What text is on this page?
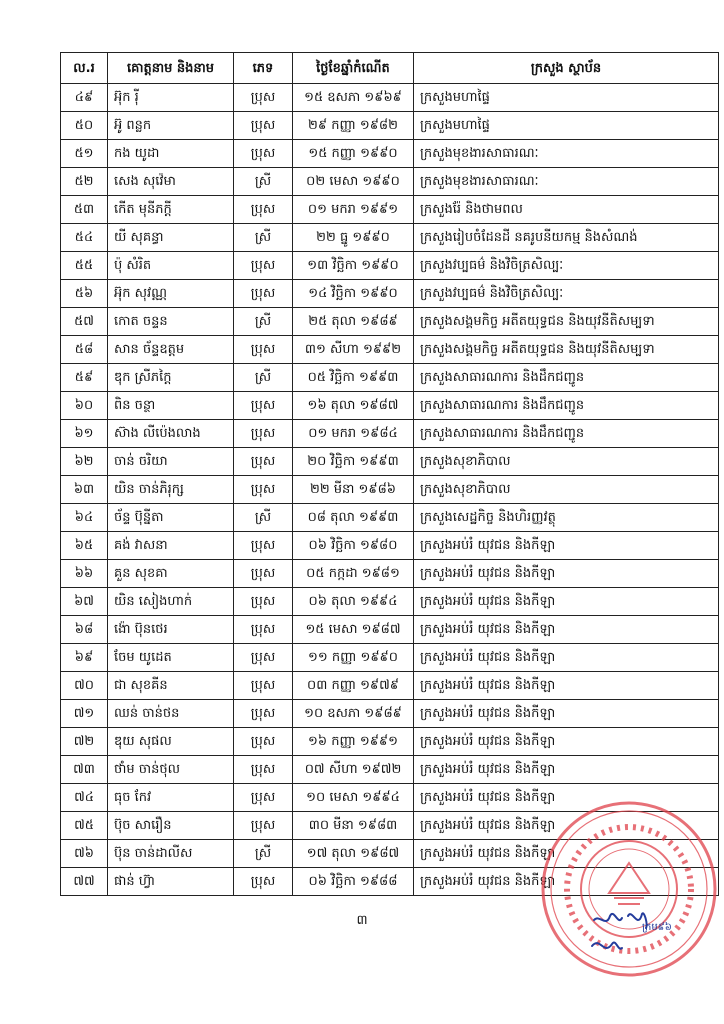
ល.រ	គោត្តនាម និងនាម	ភេទ	ថ្ងៃខែឆ្នាំកំណើត	ក្រសួង ស្ថាប័ន
៤៩	អ៊ុក រ៉ី	ប្រុស	១៥ ឧសភា ១៩៦៩	ក្រសួងមហាផ្ទៃ
៥០	អ៊ូ ពន្លក	ប្រុស	២៩ កញ្ញា ១៩៨២	ក្រសួងមហាផ្ទៃ
៥១	កង យូដា	ប្រុស	១៥ កញ្ញា ១៩៩០	ក្រសួងមុខងារសាធារណៈ
៥២	សេង សុវ៉េមា	ស្រី	០២ មេសា ១៩៩០	ក្រសួងមុខងារសាធារណៈ
៥៣	កើត មុនីភក្តី	ប្រុស	០១ មករា ១៩៩១	ក្រសួងរ៉ែ និងថាមពល
៥៤	យី សុគន្ធា	ស្រី	២២ ធ្នូ ១៩៩០	ក្រសួងរៀបចំដែនដី នគរូបនីយកម្ម និងសំណង់
៥៥	ប៉ុ សំរិត	ប្រុស	១៣ វិច្ឆិកា ១៩៩០	ក្រសួងវប្បធម៌ និងវិចិត្រសិល្បៈ
៥៦	អ៊ុក សុវណ្ណ	ប្រុស	១៤ វិច្ឆិកា ១៩៩០	ក្រសួងវប្បធម៌ និងវិចិត្រសិល្បៈ
៥៧	កោត ចន្ទន	ស្រី	២៥ តុលា ១៩៨៩	ក្រសួងសង្គមកិច្ច អតីតយុទ្ធជន និងយុវនីតិសម្បទា
៥៨	សាន ច័ន្ទឧត្តម	ប្រុស	៣១ សីហា ១៩៩២	ក្រសួងសង្គមកិច្ច អតីតយុទ្ធជន និងយុវនីតិសម្បទា
៥៩	ឌុក ស្រីភក្តៃ	ស្រី	០៥ វិច្ឆិកា ១៩៩៣	ក្រសួងសាធារណការ និងដឹកជញ្ជូន
៦០	ពិន ចន្ថា	ប្រុស	១៦ តុលា ១៩៨៧	ក្រសួងសាធារណការ និងដឹកជញ្ជូន
៦១	ស៊ាង លីប៉េងលាង	ប្រុស	០១ មករា ១៩៨៤	ក្រសួងសាធារណការ និងដឹកជញ្ជូន
៦២	ចាន់ ចរិយា	ប្រុស	២០ វិច្ឆិកា ១៩៩៣	ក្រសួងសុខាភិបាល
៦៣	យិន ចាន់ភិរុក្ស	ប្រុស	២២ មីនា ១៩៨៦	ក្រសួងសុខាភិបាល
៦៤	ច័ន្ទ ប៊ុន្នីតា	ស្រី	០៨ តុលា ១៩៩៣	ក្រសួងសេដ្ឋកិច្ច និងហិរញ្ញវត្ថុ
៦៥	គង់ វាសនា	ប្រុស	០៦ វិច្ឆិកា ១៩៨០	ក្រសួងអប់រំ យុវជន និងកីឡា
៦៦	គួន សុខគា	ប្រុស	០៥ កក្កដា ១៩៨១	ក្រសួងអប់រំ យុវជន និងកីឡា
៦៧	យិន សៀងហាក់	ប្រុស	០៦ តុលា ១៩៩៤	ក្រសួងអប់រំ យុវជន និងកីឡា
៦៨	ង៉ោ ប៊ុនថេរ	ប្រុស	១៥ មេសា ១៩៨៧	ក្រសួងអប់រំ យុវជន និងកីឡា
៦៩	ចែម យូដេត	ប្រុស	១១ កញ្ញា ១៩៩០	ក្រសួងអប់រំ យុវជន និងកីឡា
៧០	ជា សុខគីន	ប្រុស	០៣ កញ្ញា ១៩៧៩	ក្រសួងអប់រំ យុវជន និងកីឡា
៧១	ឈន់ ចាន់ថន	ប្រុស	១០ ឧសភា ១៩៨៩	ក្រសួងអប់រំ យុវជន និងកីឡា
៧២	ឌុយ សុផល	ប្រុស	១៦ កញ្ញា ១៩៩១	ក្រសួងអប់រំ យុវជន និងកីឡា
៧៣	ថាំម ចាន់ថុល	ប្រុស	០៧ សីហា ១៩៧២	ក្រសួងអប់រំ យុវជន និងកីឡា
៧៤	ធុច កែវ	ប្រុស	១០ មេសា ១៩៩៤	ក្រសួងអប់រំ យុវជន និងកីឡា
៧៥	ប៊ុច សារឿន	ប្រុស	៣០ មីនា ១៩៨៣	ក្រសួងអប់រំ យុវជន និងកីឡា
៧៦	ប៊ុន ចាន់ដាលីស	ស្រី	១៧ តុលា ១៩៨៧	ក្រសួងអប់រំ យុវជន និងកីឡា
៧៧	ផាន់ ហ្វ៊ា	ប្រុស	០៦ វិច្ឆិកា ១៩៨៨	ក្រសួងអប់រំ យុវជន និងកីឡា
៣	ក្រម៩៦
